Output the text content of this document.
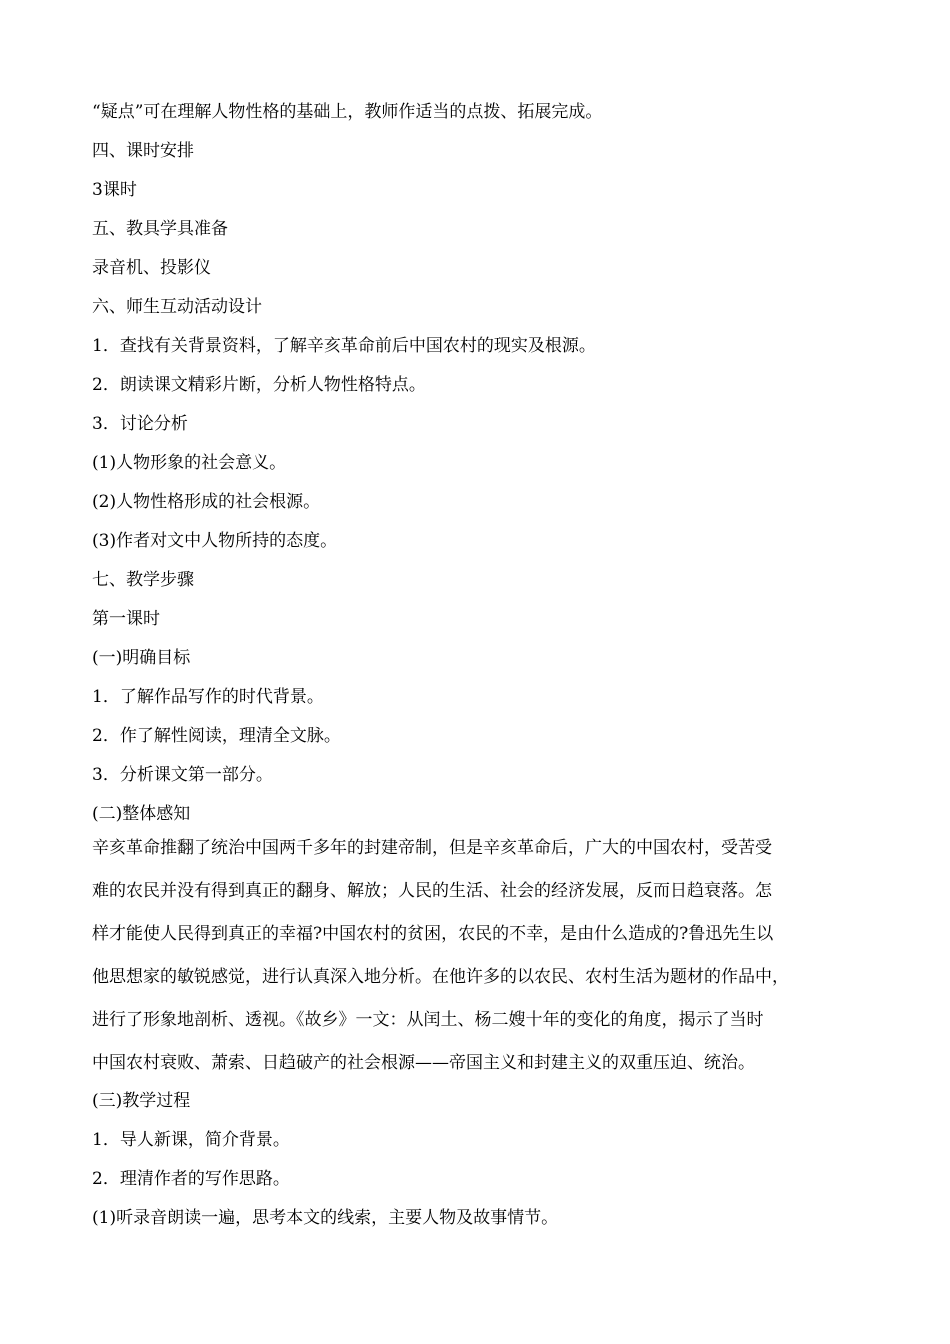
“疑点”可在理解人物性格的基础上，教师作适当的点拨、拓展完成。
四、课时安排
3课时
五、教具学具准备
录音机、投影仪
六、师生互动活动设计
1．查找有关背景资料，了解辛亥革命前后中国农村的现实及根源。
2．朗读课文精彩片断，分析人物性格特点。
3．讨论分析
(1)人物形象的社会意义。
(2)人物性格形成的社会根源。
(3)作者对文中人物所持的态度。
七、教学步骤
第一课时
(一)明确目标
1．了解作品写作的时代背景。
2．作了解性阅读，理清全文脉。
3．分析课文第一部分。
(二)整体感知
辛亥革命推翻了统治中国两千多年的封建帝制，但是辛亥革命后，广大的中国农村，受苦受
难的农民并没有得到真正的翻身、解放；人民的生活、社会的经济发展，反而日趋衰落。怎
样才能使人民得到真正的幸福?中国农村的贫困，农民的不幸，是由什么造成的?鲁迅先生以
他思想家的敏锐感觉，进行认真深入地分析。在他许多的以农民、农村生活为题材的作品中，
进行了形象地剖析、透视。《故乡》一文：从闰土、杨二嫂十年的变化的角度，揭示了当时
中国农村衰败、萧索、日趋破产的社会根源——帝国主义和封建主义的双重压迫、统治。
(三)教学过程
1．导人新课，简介背景。
2．理清作者的写作思路。
(1)听录音朗读一遍，思考本文的线索，主要人物及故事情节。
